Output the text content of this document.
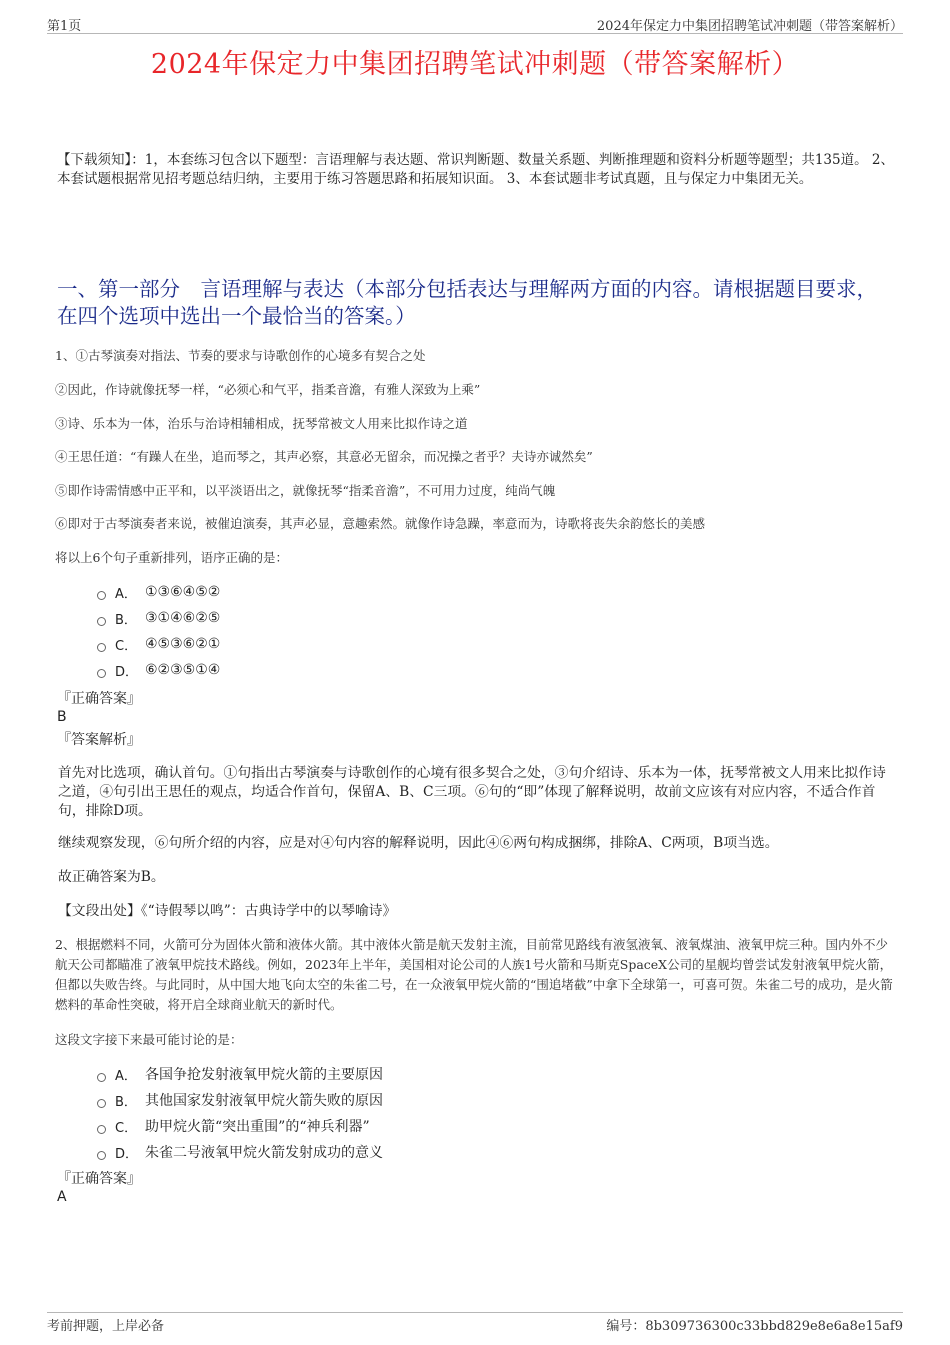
第1页	2024年保定力中集团招聘笔试冲刺题（带答案解析）
2024年保定力中集团招聘笔试冲刺题（带答案解析）
【下载须知】：1，本套练习包含以下题型：言语理解与表达题、常识判断题、数量关系题、判断推理题和资料分析题等题型；共135道。 2、本套试题根据常见招考题总结归纳，主要用于练习答题思路和拓展知识面。 3、本套试题非考试真题，且与保定力中集团无关。
一、第一部分　言语理解与表达（本部分包括表达与理解两方面的内容。请根据题目要求，在四个选项中选出一个最恰当的答案。）
1、①古琴演奏对指法、节奏的要求与诗歌创作的心境多有契合之处
②因此，作诗就像抚琴一样，“必须心和气平，指柔音澹，有雅人深致为上乘”
③诗、乐本为一体，治乐与治诗相辅相成，抚琴常被文人用来比拟作诗之道
④王思任道：“有躁人在坐，追而琴之，其声必察，其意必无留余，而况操之者乎？夫诗亦诚然矣”
⑤即作诗需情感中正平和，以平淡语出之，就像抚琴“指柔音澹”，不可用力过度，纯尚气魄
⑥即对于古琴演奏者来说，被催迫演奏，其声必显，意趣索然。就像作诗急躁，率意而为，诗歌将丧失余韵悠长的美感
将以上6个句子重新排列，语序正确的是：
A． ①③⑥④⑤②
B． ③①④⑥②⑤
C． ④⑤③⑥②①
D． ⑥②③⑤①④
『正确答案』
B
『答案解析』
首先对比选项，确认首句。①句指出古琴演奏与诗歌创作的心境有很多契合之处，③句介绍诗、乐本为一体，抚琴常被文人用来比拟作诗之道，④句引出王思任的观点，均适合作首句，保留A、B、C三项。⑥句的“即”体现了解释说明，故前文应该有对应内容，不适合作首句，排除D项。
继续观察发现，⑥句所介绍的内容，应是对④句内容的解释说明，因此④⑥两句构成捆绑，排除A、C两项，B项当选。
故正确答案为B。
【文段出处】《“诗假琴以鸣”：古典诗学中的以琴喻诗》
2、根据燃料不同，火箭可分为固体火箭和液体火箭。其中液体火箭是航天发射主流，目前常见路线有液氢液氧、液氧煤油、液氧甲烷三种。国内外不少航天公司都瞄准了液氧甲烷技术路线。例如，2023年上半年，美国相对论公司的人族1号火箭和马斯克SpaceX公司的星舰均曾尝试发射液氧甲烷火箭，但都以失败告终。与此同时，从中国大地飞向太空的朱雀二号，在一众液氧甲烷火箭的“围追堵截”中拿下全球第一，可喜可贺。朱雀二号的成功，是火箭燃料的革命性突破，将开启全球商业航天的新时代。
这段文字接下来最可能讨论的是：
A． 各国争抢发射液氧甲烷火箭的主要原因
B． 其他国家发射液氧甲烷火箭失败的原因
C． 助甲烷火箭“突出重围”的“神兵利器”
D． 朱雀二号液氧甲烷火箭发射成功的意义
『正确答案』
A
考前押题，上岸必备	编号：8b309736300c33bbd829e8e6a8e15af9
